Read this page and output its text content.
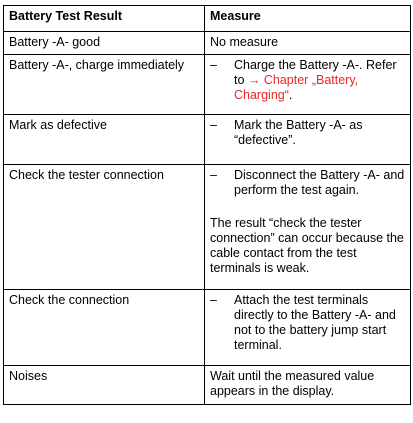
Battery Test Result	Measure
Battery -A- good	No measure
Battery -A-, charge immediately	– Charge the Battery -A-. Refer to → Chapter „Battery, Charging“.

Mark as defective	– Mark the Battery -A- as “defective”.

Check the tester connection	– Disconnect the Battery -A- and perform the test again.
The result “check the tester connection” can occur because the cable contact from the test terminals is weak.

Check the connection	– Attach the test terminals directly to the Battery -A- and not to the battery jump start terminal.

Noises	Wait until the measured value appears in the display.
